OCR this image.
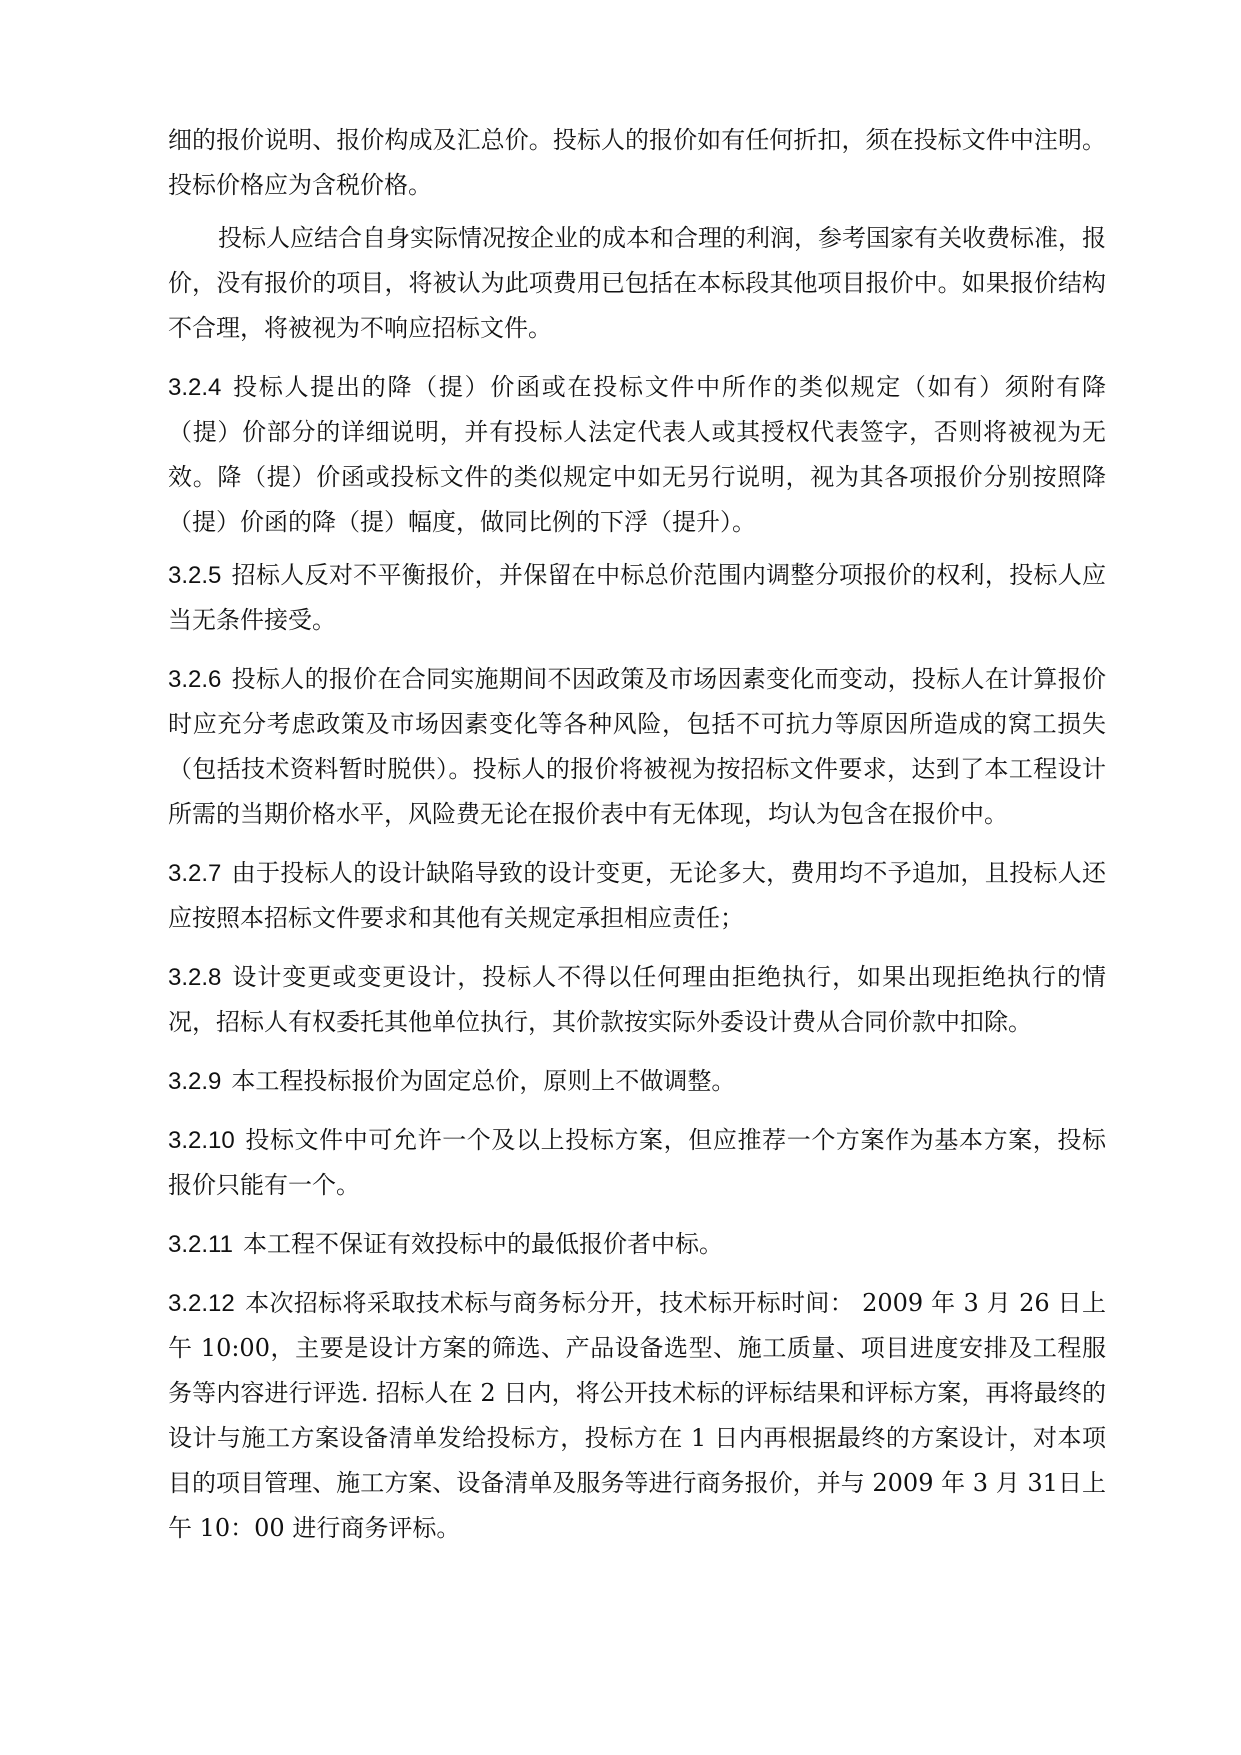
细的报价说明、报价构成及汇总价。投标人的报价如有任何折扣，须在投标文件中注明。投标价格应为含税价格。

投标人应结合自身实际情况按企业的成本和合理的利润，参考国家有关收费标准，报价，没有报价的项目，将被认为此项费用已包括在本标段其他项目报价中。如果报价结构不合理，将被视为不响应招标文件。

3.2.4 投标人提出的降（提）价函或在投标文件中所作的类似规定（如有）须附有降（提）价部分的详细说明，并有投标人法定代表人或其授权代表签字，否则将被视为无效。降（提）价函或投标文件的类似规定中如无另行说明，视为其各项报价分别按照降（提）价函的降（提）幅度，做同比例的下浮（提升）。

3.2.5 招标人反对不平衡报价，并保留在中标总价范围内调整分项报价的权利，投标人应当无条件接受。

3.2.6 投标人的报价在合同实施期间不因政策及市场因素变化而变动，投标人在计算报价时应充分考虑政策及市场因素变化等各种风险，包括不可抗力等原因所造成的窝工损失（包括技术资料暂时脱供）。投标人的报价将被视为按招标文件要求，达到了本工程设计所需的当期价格水平，风险费无论在报价表中有无体现，均认为包含在报价中。

3.2.7 由于投标人的设计缺陷导致的设计变更，无论多大，费用均不予追加，且投标人还应按照本招标文件要求和其他有关规定承担相应责任；

3.2.8 设计变更或变更设计，投标人不得以任何理由拒绝执行，如果出现拒绝执行的情况，招标人有权委托其他单位执行，其价款按实际外委设计费从合同价款中扣除。

3.2.9 本工程投标报价为固定总价，原则上不做调整。

3.2.10 投标文件中可允许一个及以上投标方案，但应推荐一个方案作为基本方案，投标报价只能有一个。

3.2.11 本工程不保证有效投标中的最低报价者中标。

3.2.12 本次招标将采取技术标与商务标分开，技术标开标时间： 2009 年 3 月 26 日上午 10:00，主要是设计方案的筛选、产品设备选型、施工质量、项目进度安排及工程服务等内容进行评选. 招标人在 2 日内，将公开技术标的评标结果和评标方案，再将最终的设计与施工方案设备清单发给投标方，投标方在 1 日内再根据最终的方案设计，对本项目的项目管理、施工方案、设备清单及服务等进行商务报价，并与 2009 年 3 月 31日上午 10：00 进行商务评标。
